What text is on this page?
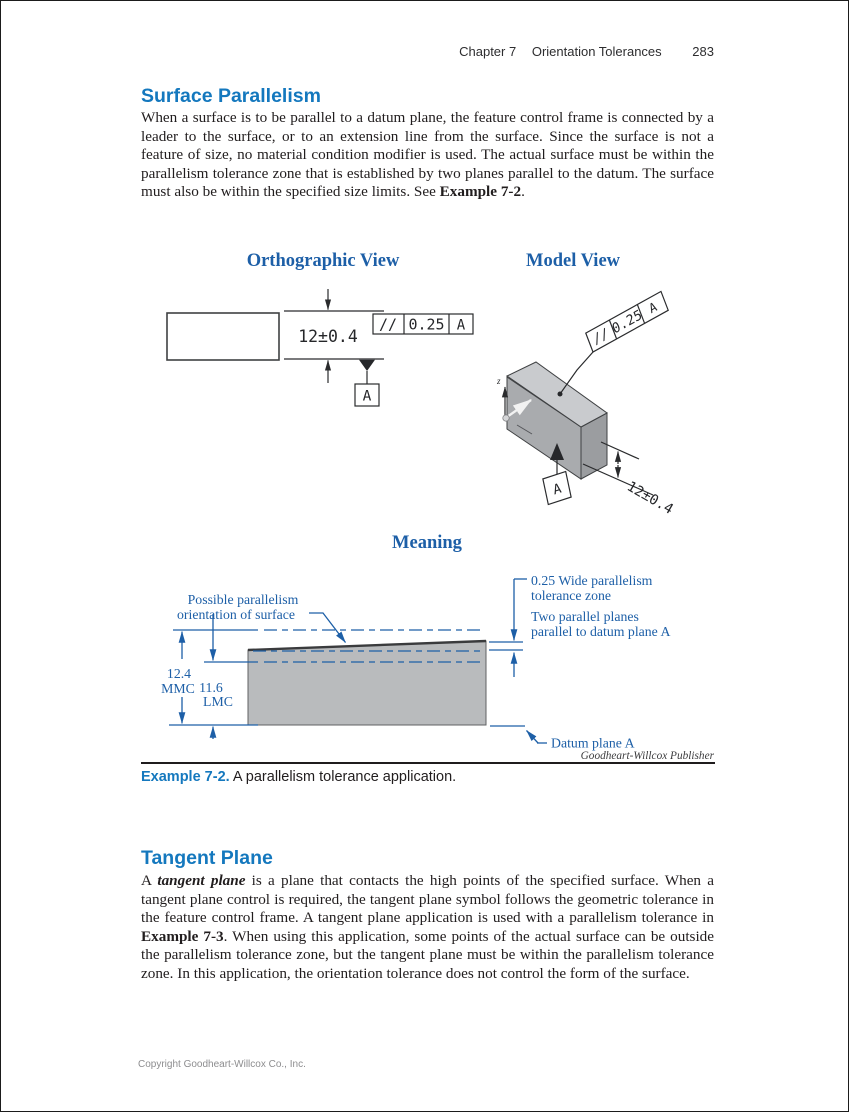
Chapter 7 Orientation Tolerances 283
Surface Parallelism

When a surface is to be parallel to a datum plane, the feature control frame is connected by a leader to the surface, or to an extension line from the surface. Since the surface is not a feature of size, no material condition modifier is used. The actual surface must be within the parallelism tolerance zone that is established by two planes parallel to the datum. The surface must also be within the specified size limits. See Example 7-2.

Orthographic View	Model View
Meaning
12±0.4
// 0.25 A
A
z
// 0.25 A
A	12±0.4
12.4
MMC 11.6
LMC
Possible parallelism
orientation of surface
0.25 Wide parallelism
tolerance zone
Two parallel planes
parallel to datum plane A
Datum plane A
Goodheart-Willcox Publisher

Example 7-2. A parallelism tolerance application.

Tangent Plane

A tangent plane is a plane that contacts the high points of the specified surface. When a tangent plane control is required, the tangent plane symbol follows the geometric tolerance in the feature control frame. A tangent plane application is used with a parallelism tolerance in Example 7-3. When using this application, some points of the actual surface can be outside the parallelism tolerance zone, but the tangent plane must be within the parallelism tolerance zone. In this application, the orientation tolerance does not control the form of the surface.

Copyright Goodheart-Willcox Co., Inc.
